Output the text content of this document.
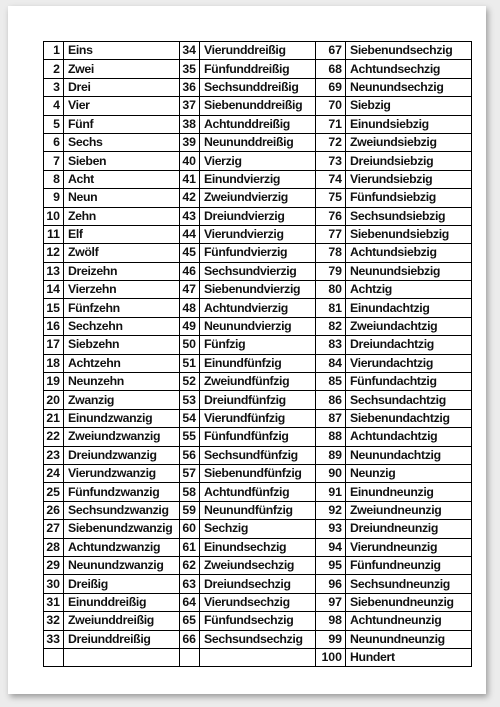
1	Eins	34	Vierunddreißig	67	Siebenundsechzig
2	Zwei	35	Fünfunddreißig	68	Achtundsechzig
3	Drei	36	Sechsunddreißig	69	Neunundsechzig
4	Vier	37	Siebenunddreißig	70	Siebzig
5	Fünf	38	Achtunddreißig	71	Einundsiebzig
6	Sechs	39	Neununddreißig	72	Zweiundsiebzig
7	Sieben	40	Vierzig	73	Dreiundsiebzig
8	Acht	41	Einundvierzig	74	Vierundsiebzig
9	Neun	42	Zweiundvierzig	75	Fünfundsiebzig
10	Zehn	43	Dreiundvierzig	76	Sechsundsiebzig
11	Elf	44	Vierundvierzig	77	Siebenundsiebzig
12	Zwölf	45	Fünfundvierzig	78	Achtundsiebzig
13	Dreizehn	46	Sechsundvierzig	79	Neunundsiebzig
14	Vierzehn	47	Siebenundvierzig	80	Achtzig
15	Fünfzehn	48	Achtundvierzig	81	Einundachtzig
16	Sechzehn	49	Neunundvierzig	82	Zweiundachtzig
17	Siebzehn	50	Fünfzig	83	Dreiundachtzig
18	Achtzehn	51	Einundfünfzig	84	Vierundachtzig
19	Neunzehn	52	Zweiundfünfzig	85	Fünfundachtzig
20	Zwanzig	53	Dreiundfünfzig	86	Sechsundachtzig
21	Einundzwanzig	54	Vierundfünfzig	87	Siebenundachtzig
22	Zweiundzwanzig	55	Fünfundfünfzig	88	Achtundachtzig
23	Dreiundzwanzig	56	Sechsundfünfzig	89	Neunundachtzig
24	Vierundzwanzig	57	Siebenundfünfzig	90	Neunzig
25	Fünfundzwanzig	58	Achtundfünfzig	91	Einundneunzig
26	Sechsundzwanzig	59	Neunundfünfzig	92	Zweiundneunzig
27	Siebenundzwanzig	60	Sechzig	93	Dreiundneunzig
28	Achtundzwanzig	61	Einundsechzig	94	Vierundneunzig
29	Neunundzwanzig	62	Zweiundsechzig	95	Fünfundneunzig
30	Dreißig	63	Dreiundsechzig	96	Sechsundneunzig
31	Einunddreißig	64	Vierundsechzig	97	Siebenundneunzig
32	Zweiunddreißig	65	Fünfundsechzig	98	Achtundneunzig
33	Dreiunddreißig	66	Sechsundsechzig	99	Neunundneunzig
				100	Hundert
